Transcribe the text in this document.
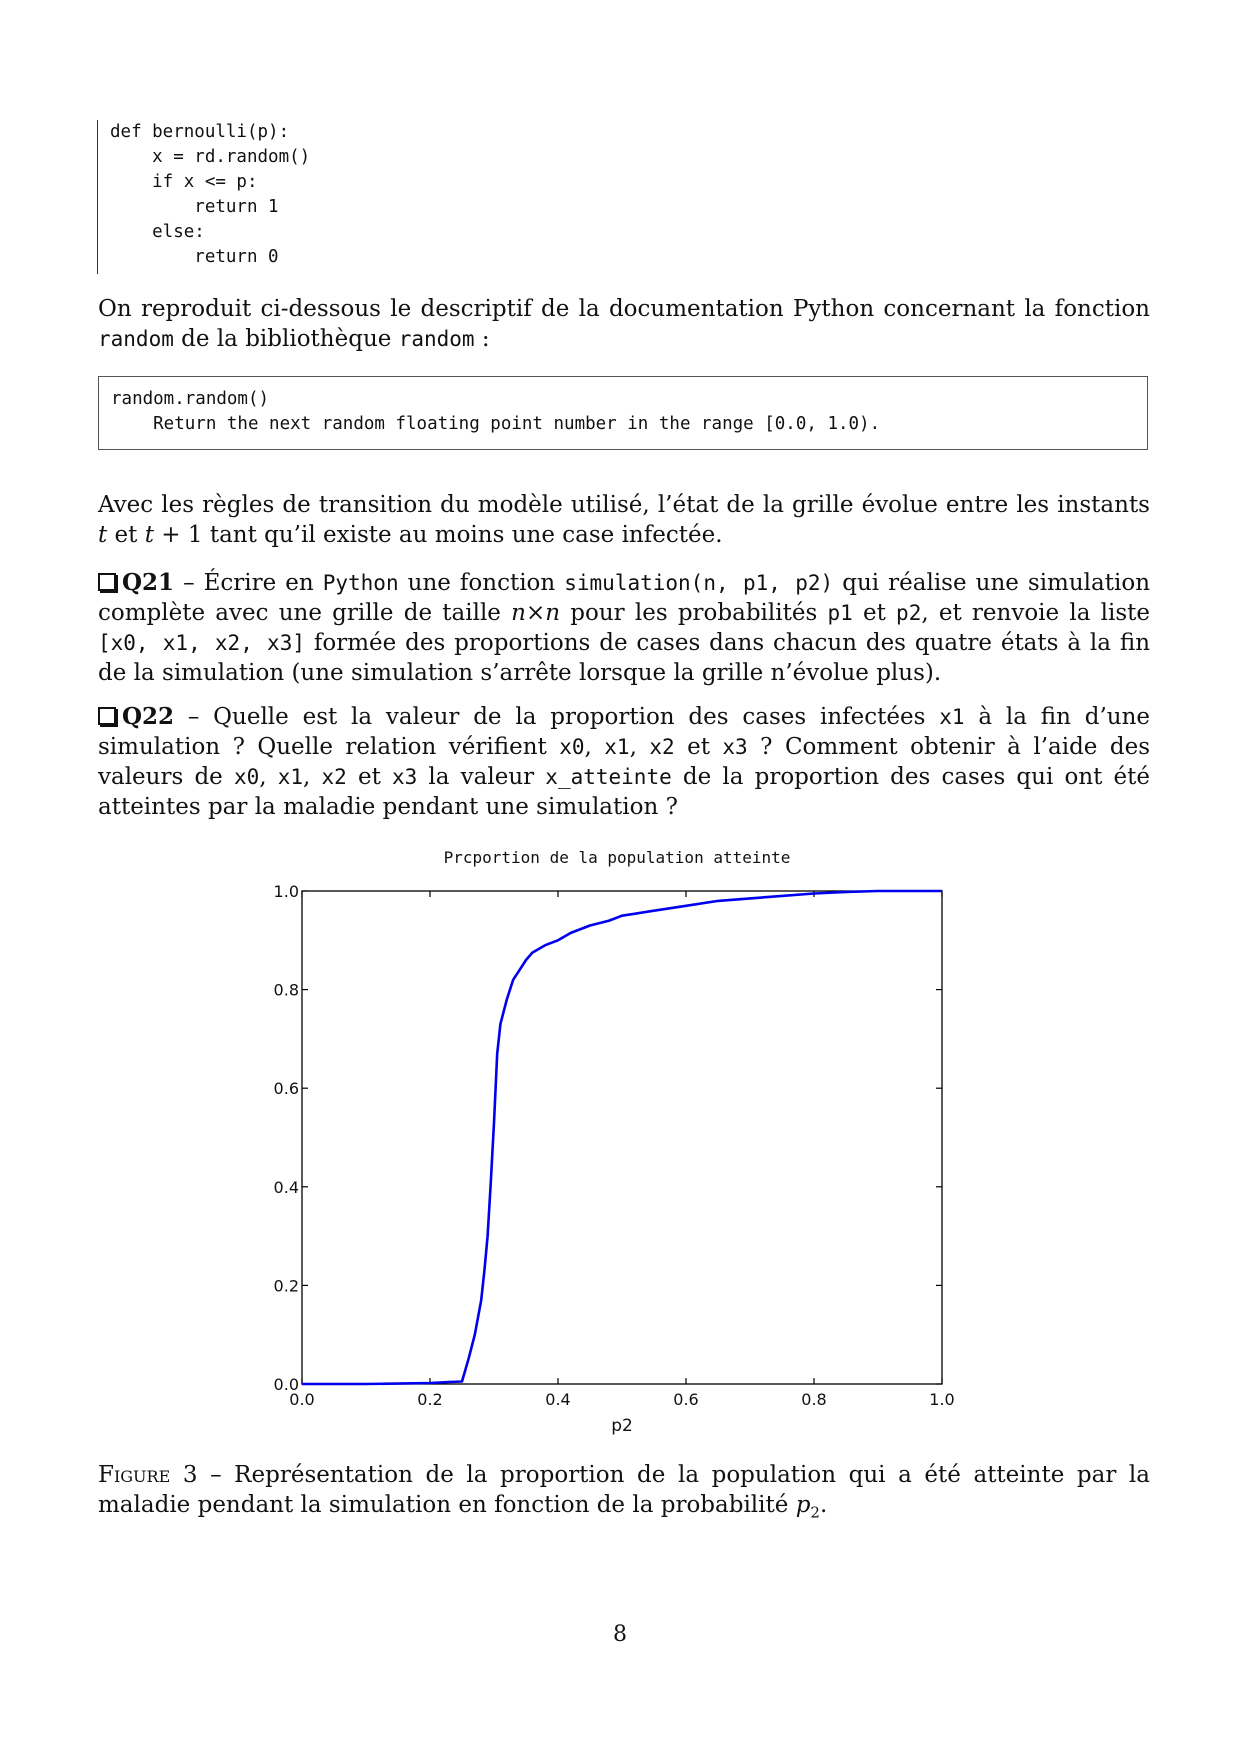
def bernoulli(p):
x = rd.random()
if x <= p:
return 1
else:
return 0
On reproduit ci-dessous le descriptif de la documentation Python concernant la fonction random de la bibliothèque random :
random.random()
Return the next random floating point number in the range [0.0, 1.0).
Avec les règles de transition du modèle utilisé, l’état de la grille évolue entre les instants t et t + 1 tant qu’il existe au moins une case infectée.
Q21 – Écrire en Python une fonction simulation(n, p1, p2) qui réalise une simulation complète avec une grille de taille n×n pour les probabilités p1 et p2, et renvoie la liste [x0, x1, x2, x3] formée des proportions de cases dans chacun des quatre états à la fin de la simulation (une simulation s’arrête lorsque la grille n’évolue plus).
Q22 – Quelle est la valeur de la proportion des cases infectées x1 à la fin d’une simulation ? Quelle relation vérifient x0, x1, x2 et x3 ? Comment obtenir à l’aide des valeurs de x0, x1, x2 et x3 la valeur x_atteinte de la proportion des cases qui ont été atteintes par la maladie pendant une simulation ?
Prcportion de la population atteinte
0.0	0.2	0.4	0.6	0.8	1.0
0.0
0.2
0.4
0.6
0.8
1.0
p2
Figure 3 – Représentation de la proportion de la population qui a été atteinte par la maladie pendant la simulation en fonction de la probabilité $p_2$.
8
